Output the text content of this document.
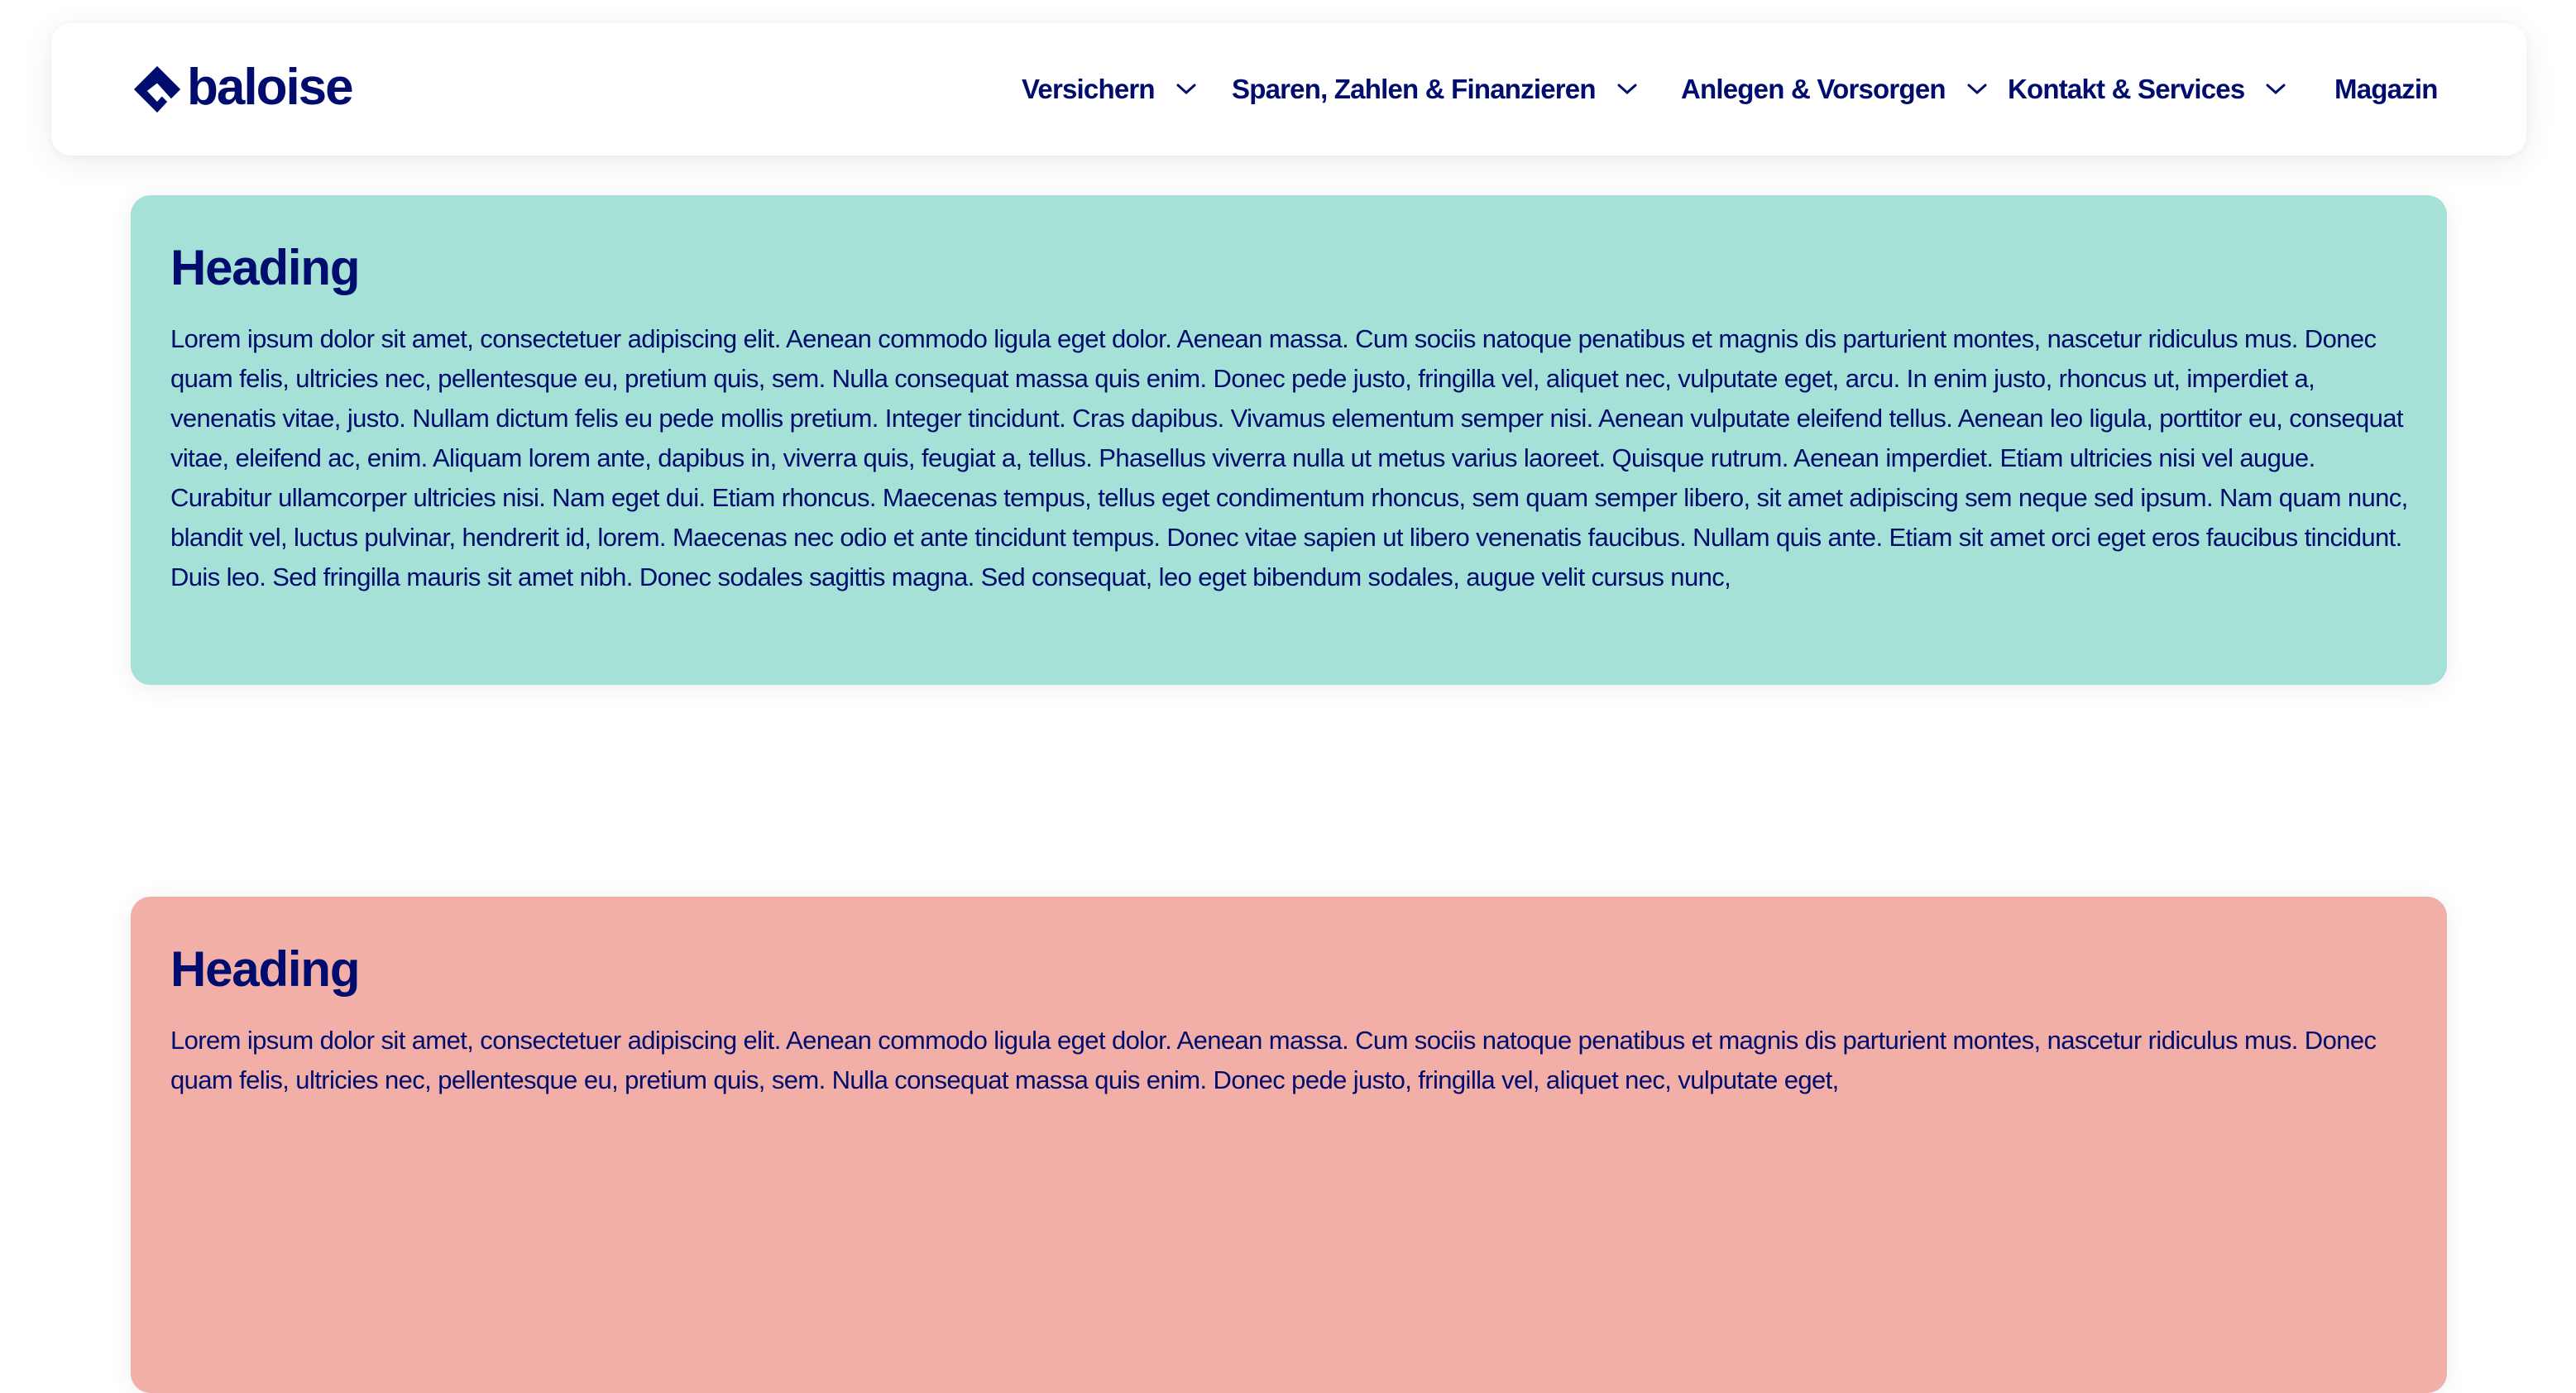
baloise	Versichern	Sparen, Zahlen & Finanzieren	Anlegen & Vorsorgen Kontakt & Services	Magazin
Heading

Lorem ipsum dolor sit amet, consectetuer adipiscing elit. Aenean commodo ligula eget dolor. Aenean massa. Cum sociis natoque penatibus et magnis dis parturient montes, nascetur ridiculus mus. Donec quam felis, ultricies nec, pellentesque eu, pretium quis, sem. Nulla consequat massa quis enim. Donec pede justo, fringilla vel, aliquet nec, vulputate eget, arcu. In enim justo, rhoncus ut, imperdiet a, venenatis vitae, justo. Nullam dictum felis eu pede mollis pretium. Integer tincidunt. Cras dapibus. Vivamus elementum semper nisi. Aenean vulputate eleifend tellus. Aenean leo ligula, porttitor eu, consequat vitae, eleifend ac, enim. Aliquam lorem ante, dapibus in, viverra quis, feugiat a, tellus. Phasellus viverra nulla ut metus varius laoreet. Quisque rutrum. Aenean imperdiet. Etiam ultricies nisi vel augue. Curabitur ullamcorper ultricies nisi. Nam eget dui. Etiam rhoncus. Maecenas tempus, tellus eget condimentum rhoncus, sem quam semper libero, sit amet adipiscing sem neque sed ipsum. Nam quam nunc, blandit vel, luctus pulvinar, hendrerit id, lorem. Maecenas nec odio et ante tincidunt tempus. Donec vitae sapien ut libero venenatis faucibus. Nullam quis ante. Etiam sit amet orci eget eros faucibus tincidunt. Duis leo. Sed fringilla mauris sit amet nibh. Donec sodales sagittis magna. Sed consequat, leo eget bibendum sodales, augue velit cursus nunc,

Heading

Lorem ipsum dolor sit amet, consectetuer adipiscing elit. Aenean commodo ligula eget dolor. Aenean massa. Cum sociis natoque penatibus et magnis dis parturient montes, nascetur ridiculus mus. Donec quam felis, ultricies nec, pellentesque eu, pretium quis, sem. Nulla consequat massa quis enim. Donec pede justo, fringilla vel, aliquet nec, vulputate eget,
